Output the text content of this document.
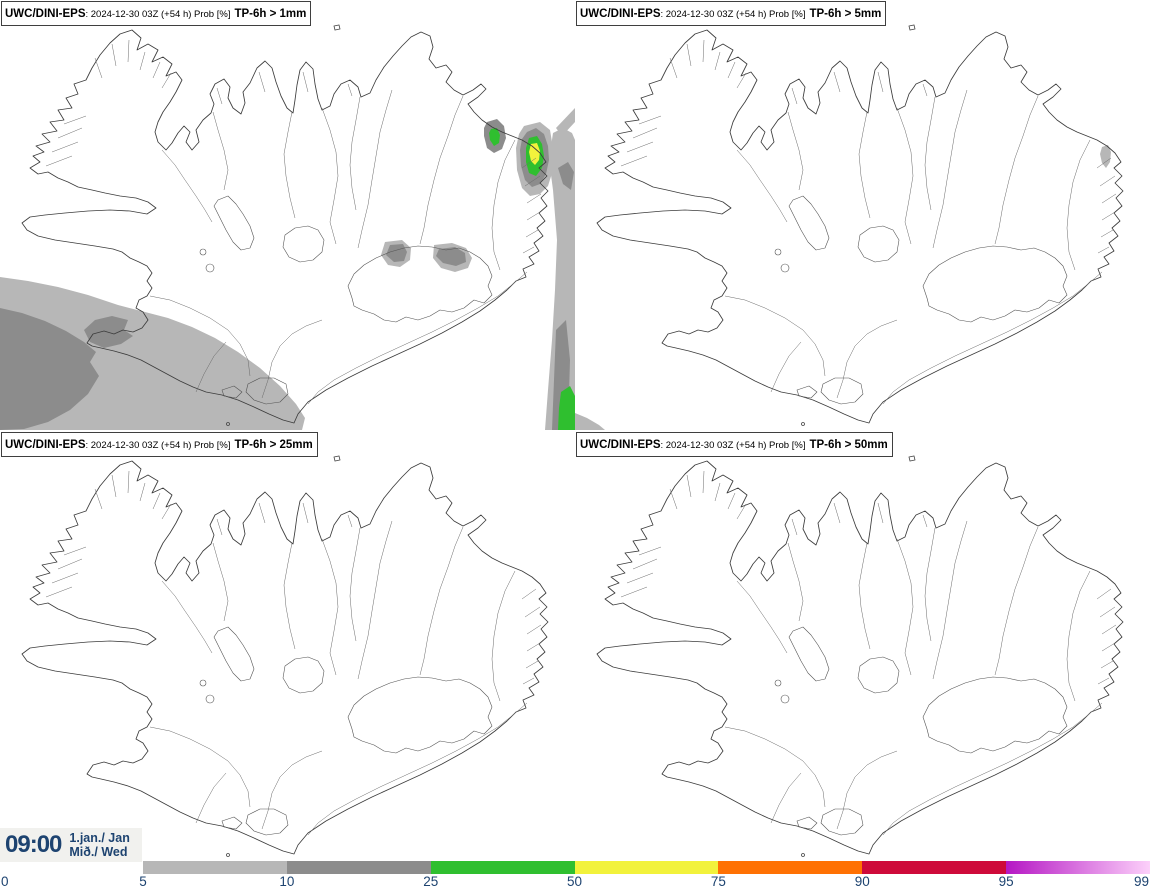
UWC/DINI-EPS: 2024-12-30 03Z (+54 h) Prob [%] TP-6h > 1mm	UWC/DINI-EPS: 2024-12-30 03Z (+54 h) Prob [%] TP-6h > 5mm
UWC/DINI-EPS: 2024-12-30 03Z (+54 h) Prob [%] TP-6h > 25mm	UWC/DINI-EPS: 2024-12-30 03Z (+54 h) Prob [%] TP-6h > 50mm
09:00 1.jan./ Jan
Mið./ Wed
0	5	10	25	50	75	90	95	99
